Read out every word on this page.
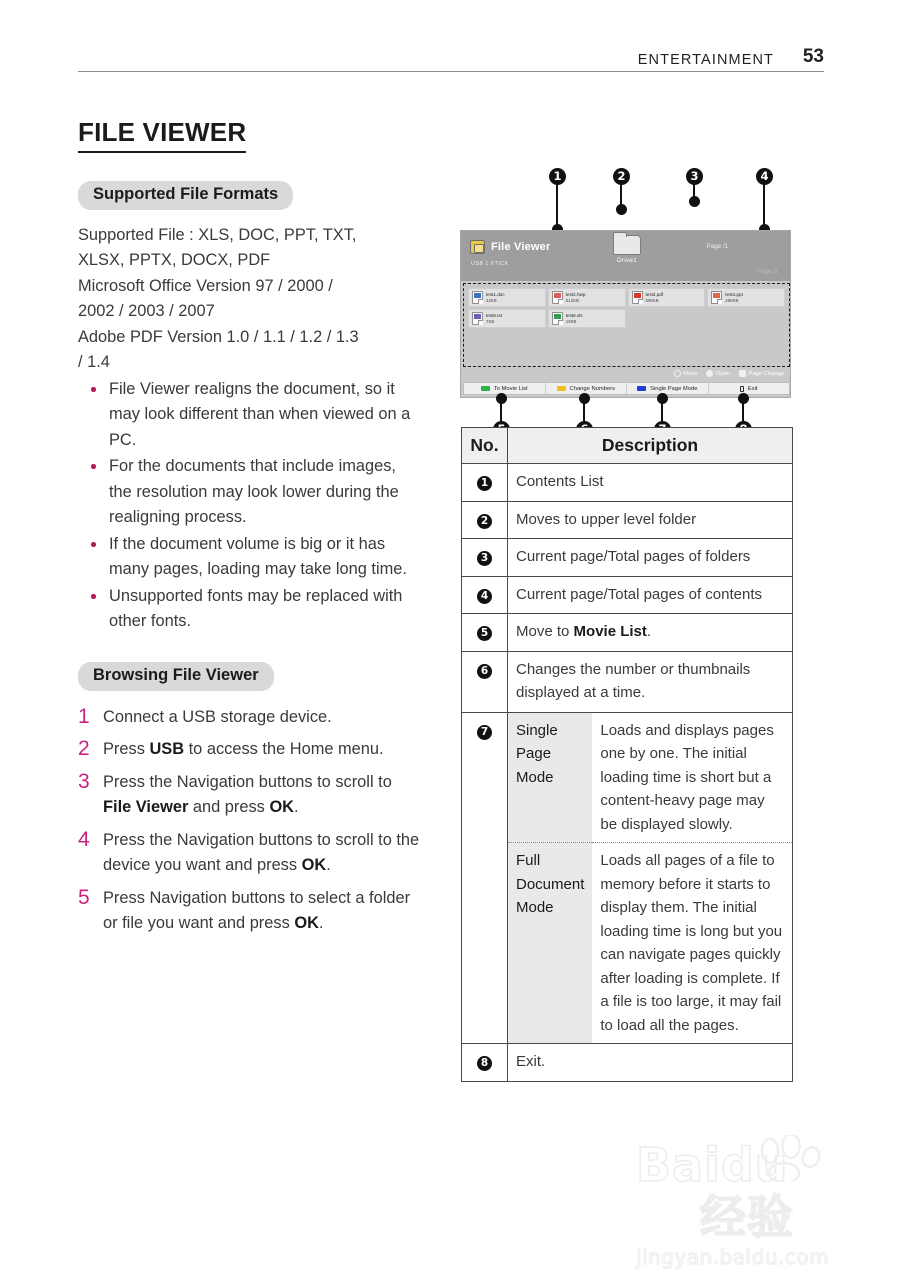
ENTERTAINMENT 53
FILE VIEWER Supported File Formats
Supported File : XLS, DOC, PPT, TXT,
XLSX, PPTX, DOCX, PDF
Microsoft Office Version 97 / 2000 /
2002 / 2003 / 2007
Adobe PDF Version 1.0 / 1.1 / 1.2 / 1.3
/ 1.4
File Viewer realigns the document, so it may look different than when viewed on a PC.
For the documents that include images, the resolution may look lower during the realigning process.
If the document volume is big or it has many pages, loading may take long time.
Unsupported fonts may be replaced with other fonts.
Browsing File Viewer
1 Connect a USB storage device.
2 Press USB to access the Home menu.
3 Press the Navigation buttons to scroll to File Viewer and press OK.
4 Press the Navigation buttons to scroll to the device you want and press OK.
5 Press Navigation buttons to select a folder or file you want and press OK.
1	2	3	4
File Viewer
USB 1 XTICK	Drive1
Page /1
Page /1
test1.doc
42KB
test2.hwp
512KB
test3.pdf
595KB
test4.ppt
489KB
test5.txt
7KB
test6.xls
19KB
Move	Open	Page Change
To Movie List	Change Numbers	Single Page Mode	Exit
No.	Description
1	Contents List
2	Moves to upper level folder
3	Current page/Total pages of folders
4	Current page/Total pages of contents
5	Move to Movie List.
6	Changes the number or thumbnails displayed at a time.
7	Single Page Mode	Loads and displays pages one by one. The initial loading time is short but a content-heavy page may be displayed slowly.
Full Document Mode	Loads all pages of a file to memory before it starts to display them. The initial loading time is long but you can navigate pages quickly after loading is complete. If a file is too large, it may fail to load all the pages.

8	Exit.
Baidu经验
jingyan.baidu.com
